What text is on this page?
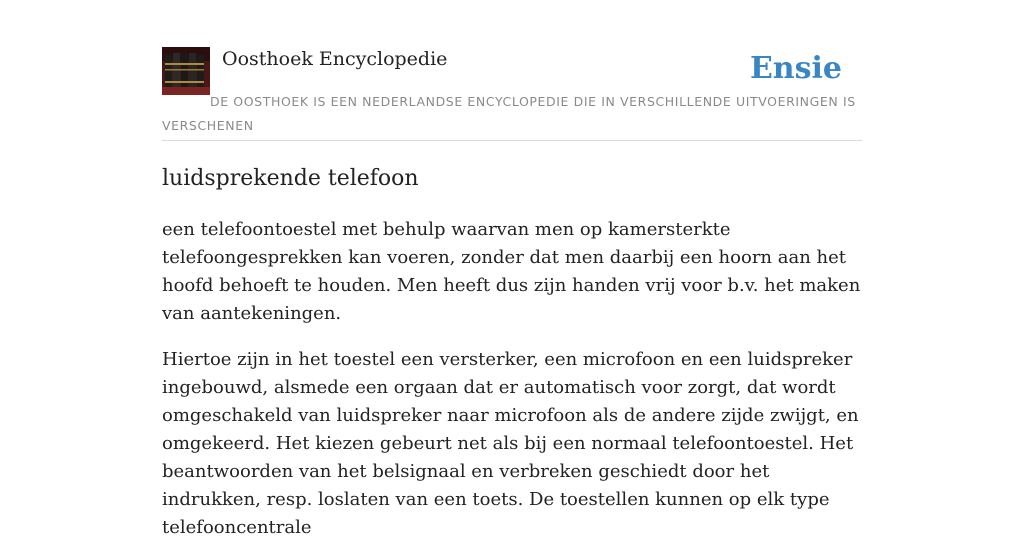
Oosthoek Encyclopedie	Ensie
DE OOSTHOEK IS EEN NEDERLANDSE ENCYCLOPEDIE DIE IN VERSCHILLENDE UITVOERINGEN IS VERSCHENEN
luidsprekende telefoon

een telefoontoestel met behulp waarvan men op kamersterkte telefoongesprekken kan voeren, zonder dat men daarbij een hoorn aan het hoofd behoeft te houden. Men heeft dus zijn handen vrij voor b.v. het maken van aantekeningen.

Hiertoe zijn in het toestel een versterker, een microfoon en een luidspreker ingebouwd, alsmede een orgaan dat er automatisch voor zorgt, dat wordt omgeschakeld van luidspreker naar microfoon als de andere zijde zwijgt, en omgekeerd. Het kiezen gebeurt net als bij een normaal telefoontoestel. Het beantwoorden van het belsignaal en verbreken geschiedt door het indrukken, resp. loslaten van een toets. De toestellen kunnen op elk type telefooncentrale
